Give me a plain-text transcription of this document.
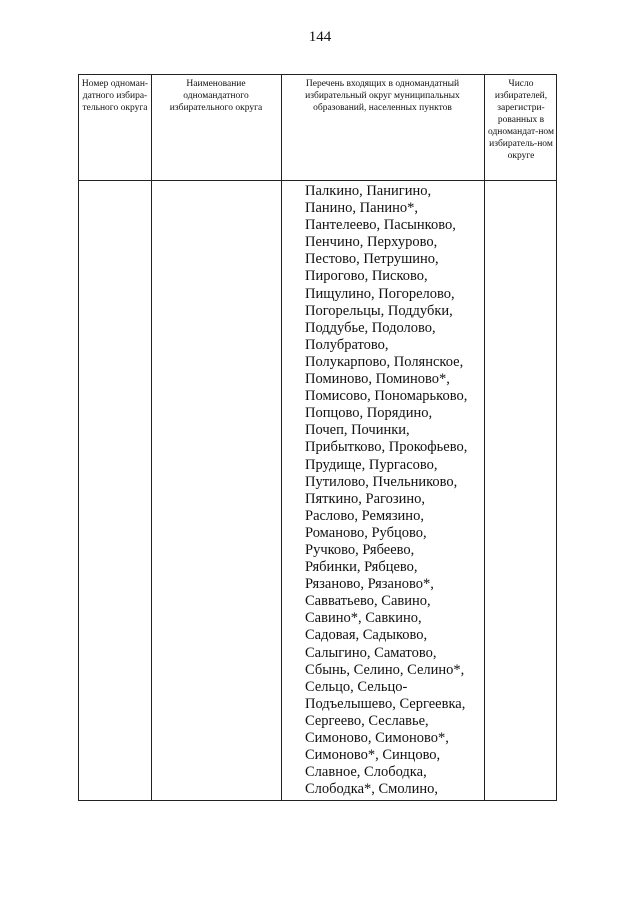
144
Номер одноман-датного избира-тельного округа
Наименование одномандатного избирательного округа
Перечень входящих в одномандатный избирательный округ муниципальных образований, населенных пунктов
Число избирателей, зарегистри-рованных в одномандат-ном избиратель-ном округе
Палкино, Панигино,
Панино, Панино*,
Пантелеево, Пасынково,
Пенчино, Перхурово,
Пестово, Петрушино,
Пирогово, Писково,
Пищулино, Погорелово,
Погорельцы, Поддубки,
Поддубье, Подолово,
Полубратово,
Полукарпово, Полянское,
Поминово, Поминово*,
Помисово, Пономарьково,
Попцово, Порядино,
Почеп, Починки,
Прибытково, Прокофьево,
Прудище, Пургасово,
Путилово, Пчельниково,
Пяткино, Рагозино,
Раслово, Ремязино,
Романово, Рубцово,
Ручково, Рябеево,
Рябинки, Рябцево,
Рязаново, Рязаново*,
Савватьево, Савино,
Савино*, Савкино,
Садовая, Садыково,
Салыгино, Саматово,
Сбынь, Селино, Селино*,
Сельцо, Сельцо-
Подъелышево, Сергеевка,
Сергеево, Сеславье,
Симоново, Симоново*,
Симоново*, Синцово,
Славное, Слободка,
Слободка*, Смолино,
